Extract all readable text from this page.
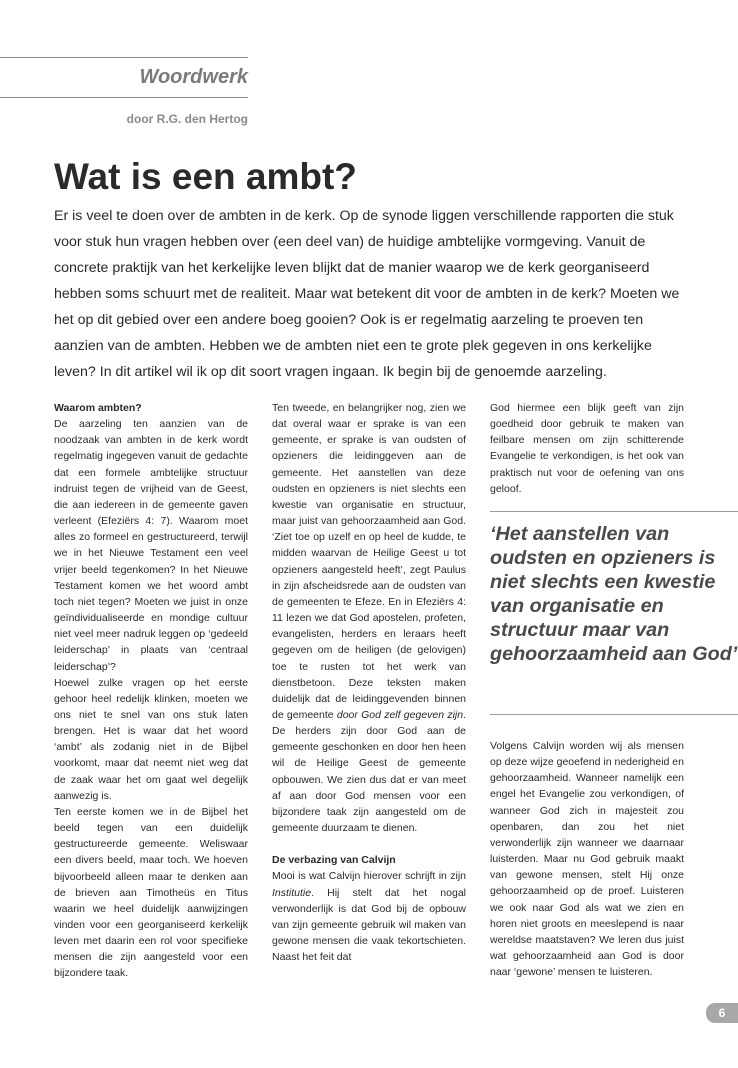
Woordwerk
door R.G. den Hertog
Wat is een ambt?

Er is veel te doen over de ambten in de kerk. Op de synode liggen verschillende rapporten die stuk voor stuk hun vragen hebben over (een deel van) de huidige ambtelijke vormgeving. Vanuit de concrete praktijk van het kerkelijke leven blijkt dat de manier waarop we de kerk georganiseerd hebben soms schuurt met de realiteit. Maar wat betekent dit voor de ambten in de kerk? Moeten we het op dit gebied over een andere boeg gooien? Ook is er regelmatig aarzeling te proeven ten aanzien van de ambten. Hebben we de ambten niet een te grote plek gegeven in ons kerkelijke leven? In dit artikel wil ik op dit soort vragen ingaan. Ik begin bij de genoemde aarzeling.

Waarom ambten?

De aarzeling ten aanzien van de noodzaak van ambten in de kerk wordt regelmatig ingegeven vanuit de gedachte dat een formele ambtelijke structuur indruist tegen de vrijheid van de Geest, die aan iedereen in de gemeente gaven verleent (Efeziërs 4: 7). Waarom moet alles zo formeel en gestructureerd, terwijl we in het Nieuwe Testament een veel vrijer beeld tegenkomen? In het Nieuwe Testament komen we het woord ambt toch niet tegen? Moeten we juist in onze geïndividualiseerde en mondige cultuur niet veel meer nadruk leggen op ‘gedeeld leiderschap’ in plaats van ‘centraal leiderschap’?

Hoewel zulke vragen op het eerste gehoor heel redelijk klinken, moeten we ons niet te snel van ons stuk laten brengen. Het is waar dat het woord ‘ambt’ als zodanig niet in de Bijbel voorkomt, maar dat neemt niet weg dat de zaak waar het om gaat wel degelijk aanwezig is.

Ten eerste komen we in de Bijbel het beeld tegen van een duidelijk gestructureerde gemeente. Weliswaar een divers beeld, maar toch. We hoeven bijvoorbeeld alleen maar te denken aan de brieven aan Timotheüs en Titus waarin we heel duidelijk aanwijzingen vinden voor een georganiseerd kerkelijk leven met daarin een rol voor specifieke mensen die zijn aangesteld voor een bijzondere taak.

Ten tweede, en belangrijker nog, zien we dat overal waar er sprake is van een gemeente, er sprake is van oudsten of opzieners die leidinggeven aan de gemeente. Het aanstellen van deze oudsten en opzieners is niet slechts een kwestie van organisatie en structuur, maar juist van gehoorzaamheid aan God. ‘Ziet toe op uzelf en op heel de kudde, te midden waarvan de Heilige Geest u tot opzieners aangesteld heeft’, zegt Paulus in zijn afscheidsrede aan de oudsten van de gemeenten te Efeze. En in Efeziërs 4: 11 lezen we dat God apostelen, profeten, evangelisten, herders en leraars heeft gegeven om de heiligen (de gelovigen) toe te rusten tot het werk van dienstbetoon. Deze teksten maken duidelijk dat de leidinggevenden binnen de gemeente door God zelf gegeven zijn. De herders zijn door God aan de gemeente geschonken en door hen heen wil de Heilige Geest de gemeente opbouwen. We zien dus dat er van meet af aan door God mensen voor een bijzondere taak zijn aangesteld om de gemeente duurzaam te dienen.

De verbazing van Calvijn

Mooi is wat Calvijn hierover schrijft in zijn Institutie. Hij stelt dat het nogal verwonderlijk is dat God bij de opbouw van zijn gemeente gebruik wil maken van gewone mensen die vaak tekortschieten. Naast het feit dat

God hiermee een blijk geeft van zijn goedheid door gebruik te maken van feilbare mensen om zijn schitterende Evangelie te verkondigen, is het ook van praktisch nut voor de oefening van ons geloof.

‘Het aanstellen van oudsten en opzieners is niet slechts een kwestie van organisatie en structuur maar van gehoorzaamheid aan God’

Volgens Calvijn worden wij als mensen op deze wijze geoefend in nederigheid en gehoorzaamheid. Wanneer namelijk een engel het Evangelie zou verkondigen, of wanneer God zich in majesteit zou openbaren, dan zou het niet verwonderlijk zijn wanneer we daarnaar luisterden. Maar nu God gebruik maakt van gewone mensen, stelt Hij onze gehoorzaamheid op de proef. Luisteren we ook naar God als wat we zien en horen niet groots en meeslepend is naar wereldse maatstaven? We leren dus juist wat gehoorzaamheid aan God is door naar ‘gewone’ mensen te luisteren.

6
